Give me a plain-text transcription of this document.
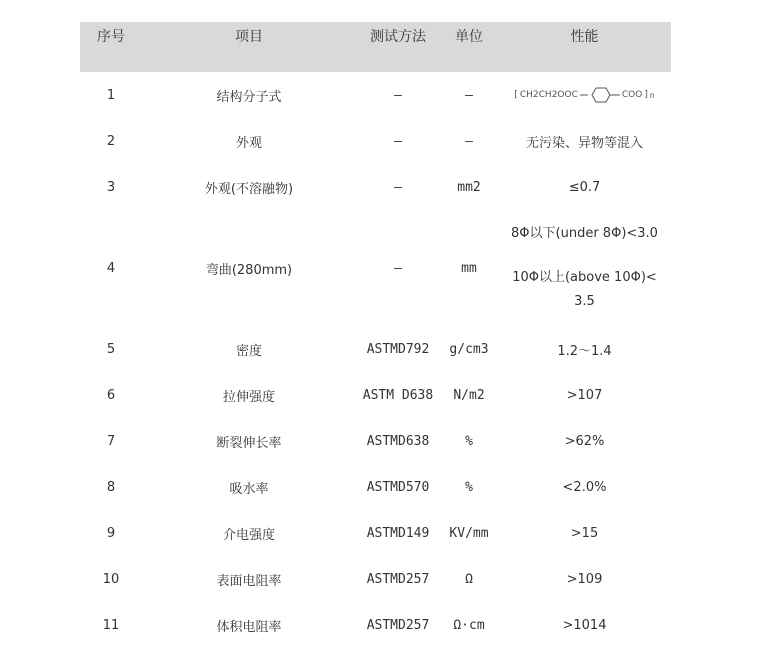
序号	项目	测试方法	单位	性能
1	结构分子式	—	—	[ CH2CH2OOC COO ] n

2	外观	—	—	无污染、异物等混入
3	外观(不溶融物)	—	mm2	≤0.7
4	弯曲(280mm)	—	mm	8Φ以下(under 8Φ)<3.0
10Φ以上(above 10Φ)<
3.5

5	密度	ASTMD792	g/cm3	1.2～1.4
6	拉伸强度	ASTM D638	N/m2	>107
7	断裂伸长率	ASTMD638	%	>62%
8	吸水率	ASTMD570	%	<2.0%
9	介电强度	ASTMD149	KV/mm	>15
10	表面电阻率	ASTMD257	Ω	>109
11	体积电阻率	ASTMD257	Ω·cm	>1014
